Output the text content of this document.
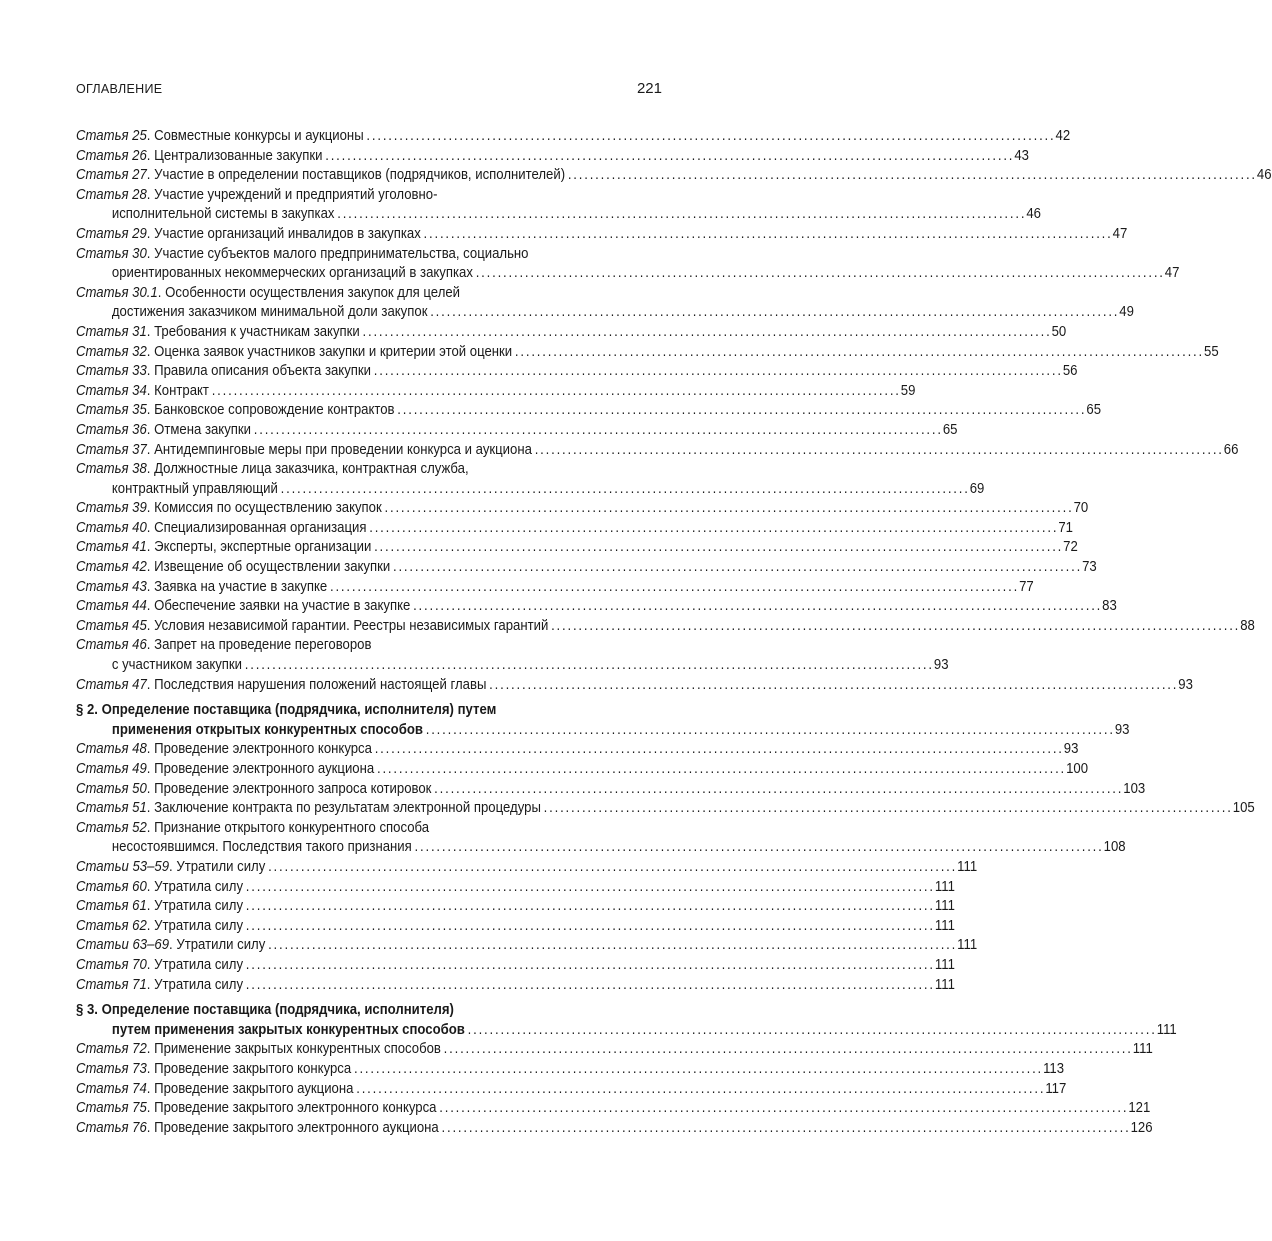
ОГЛАВЛЕНИЕ	221
Статья 25. Совместные конкурсы и аукционы . . .	42
Статья 26. Централизованные закупки . . .	43
Статья 27. Участие в определении поставщиков (подрядчиков, исполнителей) . . .	46
Статья 28. Участие учреждений и предприятий уголовно-
исполнительной системы в закупках . . .	46
Статья 29. Участие организаций инвалидов в закупках . . .	47
Статья 30. Участие субъектов малого предпринимательства, социально
ориентированных некоммерческих организаций в закупках . . .	47
Статья 30.1. Особенности осуществления закупок для целей
достижения заказчиком минимальной доли закупок . . .	49
Статья 31. Требования к участникам закупки . . .	50
Статья 32. Оценка заявок участников закупки и критерии этой оценки . . .	55
Статья 33. Правила описания объекта закупки . . .	56
Статья 34. Контракт . . .	59
Статья 35. Банковское сопровождение контрактов . . .	65
Статья 36. Отмена закупки . . .	65
Статья 37. Антидемпинговые меры при проведении конкурса и аукциона . . .	66
Статья 38. Должностные лица заказчика, контрактная служба,
контрактный управляющий . . .	69
Статья 39. Комиссия по осуществлению закупок . . .	70
Статья 40. Специализированная организация . . .	71
Статья 41. Эксперты, экспертные организации . . .	72
Статья 42. Извещение об осуществлении закупки . . .	73
Статья 43. Заявка на участие в закупке . . .	77
Статья 44. Обеспечение заявки на участие в закупке . . .	83
Статья 45. Условия независимой гарантии. Реестры независимых гарантий . . .	88
Статья 46. Запрет на проведение переговоров
с участником закупки . . .	93
Статья 47. Последствия нарушения положений настоящей главы . . .	93
§ 2. Определение поставщика (подрядчика, исполнителя) путем
применения открытых конкурентных способов . . .	93
Статья 48. Проведение электронного конкурса . . .	93
Статья 49. Проведение электронного аукциона . . .	100
Статья 50. Проведение электронного запроса котировок . . .	103
Статья 51. Заключение контракта по результатам электронной процедуры . . .	105
Статья 52. Признание открытого конкурентного способа
несостоявшимся. Последствия такого признания . . .	108
Статьи 53–59. Утратили силу . . .	111
Статья 60. Утратила силу . . .	111
Статья 61. Утратила силу . . .	111
Статья 62. Утратила силу . . .	111
Статьи 63–69. Утратили силу . . .	111
Статья 70. Утратила силу . . .	111
Статья 71. Утратила силу . . .	111
§ 3. Определение поставщика (подрядчика, исполнителя)
путем применения закрытых конкурентных способов . . .	111
Статья 72. Применение закрытых конкурентных способов . . .	111
Статья 73. Проведение закрытого конкурса . . .	113
Статья 74. Проведение закрытого аукциона . . .	117
Статья 75. Проведение закрытого электронного конкурса . . .	121
Статья 76. Проведение закрытого электронного аукциона . . .	126
